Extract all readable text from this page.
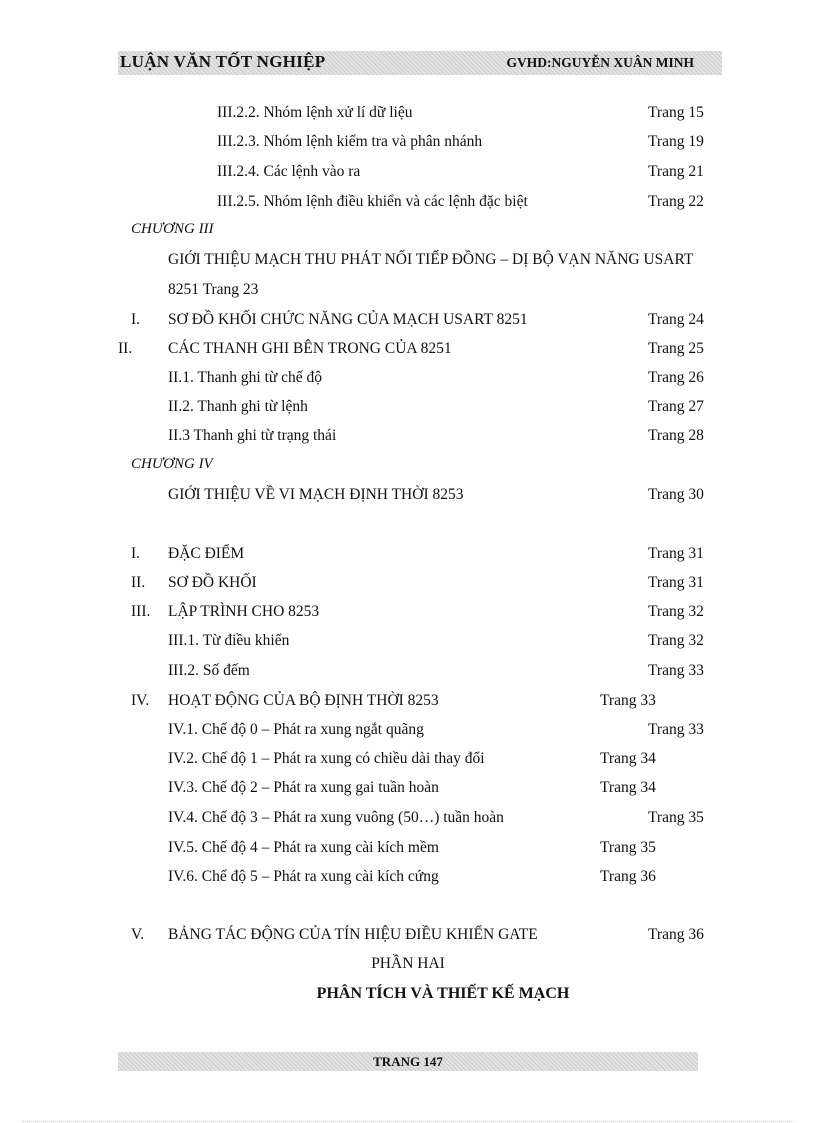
LUẬN VĂN TỐT NGHIỆP	GVHD:NGUYỄN XUÂN MINH
III.2.2. Nhóm lệnh xử lí dữ liệu	Trang 15
III.2.3. Nhóm lệnh kiểm tra và phân nhánh	Trang 19
III.2.4. Các lệnh vào ra	Trang 21
III.2.5. Nhóm lệnh điều khiển và các lệnh đặc biệt	Trang 22
CHƯƠNG III
GIỚI THIỆU MẠCH THU PHÁT NỐI TIẾP ĐỒNG – DỊ BỘ VẠN NĂNG USART
8251 Trang 23
I. SƠ ĐỒ KHỐI CHỨC NĂNG CỦA MẠCH USART 8251	Trang 24
II. CÁC THANH GHI BÊN TRONG CỦA 8251	Trang 25
II.1. Thanh ghi từ chế độ	Trang 26
II.2. Thanh ghi từ lệnh	Trang 27
II.3 Thanh ghi từ trạng thái	Trang 28
CHƯƠNG IV
GIỚI THIỆU VỀ VI MẠCH ĐỊNH THỜI 8253	Trang 30
I. ĐẶC ĐIỂM	Trang 31
II. SƠ ĐỒ KHỐI	Trang 31
III. LẬP TRÌNH CHO 8253	Trang 32
III.1. Từ điều khiển	Trang 32
III.2. Số đếm	Trang 33
IV. HOẠT ĐỘNG CỦA BỘ ĐỊNH THỜI 8253	Trang 33
IV.1. Chế độ 0 – Phát ra xung ngắt quãng	Trang 33
IV.2. Chế độ 1 – Phát ra xung có chiều dài thay đổi	Trang 34
IV.3. Chế độ 2 – Phát ra xung gai tuần hoàn	Trang 34
IV.4. Chế độ 3 – Phát ra xung vuông (50…) tuần hoàn	Trang 35
IV.5. Chế độ 4 – Phát ra xung cài kích mềm	Trang 35
IV.6. Chế độ 5 – Phát ra xung cài kích cứng	Trang 36
V. BẢNG TÁC ĐỘNG CỦA TÍN HIỆU ĐIỀU KHIỂN GATE	Trang 36
PHẦN HAI
PHÂN TÍCH VÀ THIẾT KẾ MẠCH
TRANG 147
